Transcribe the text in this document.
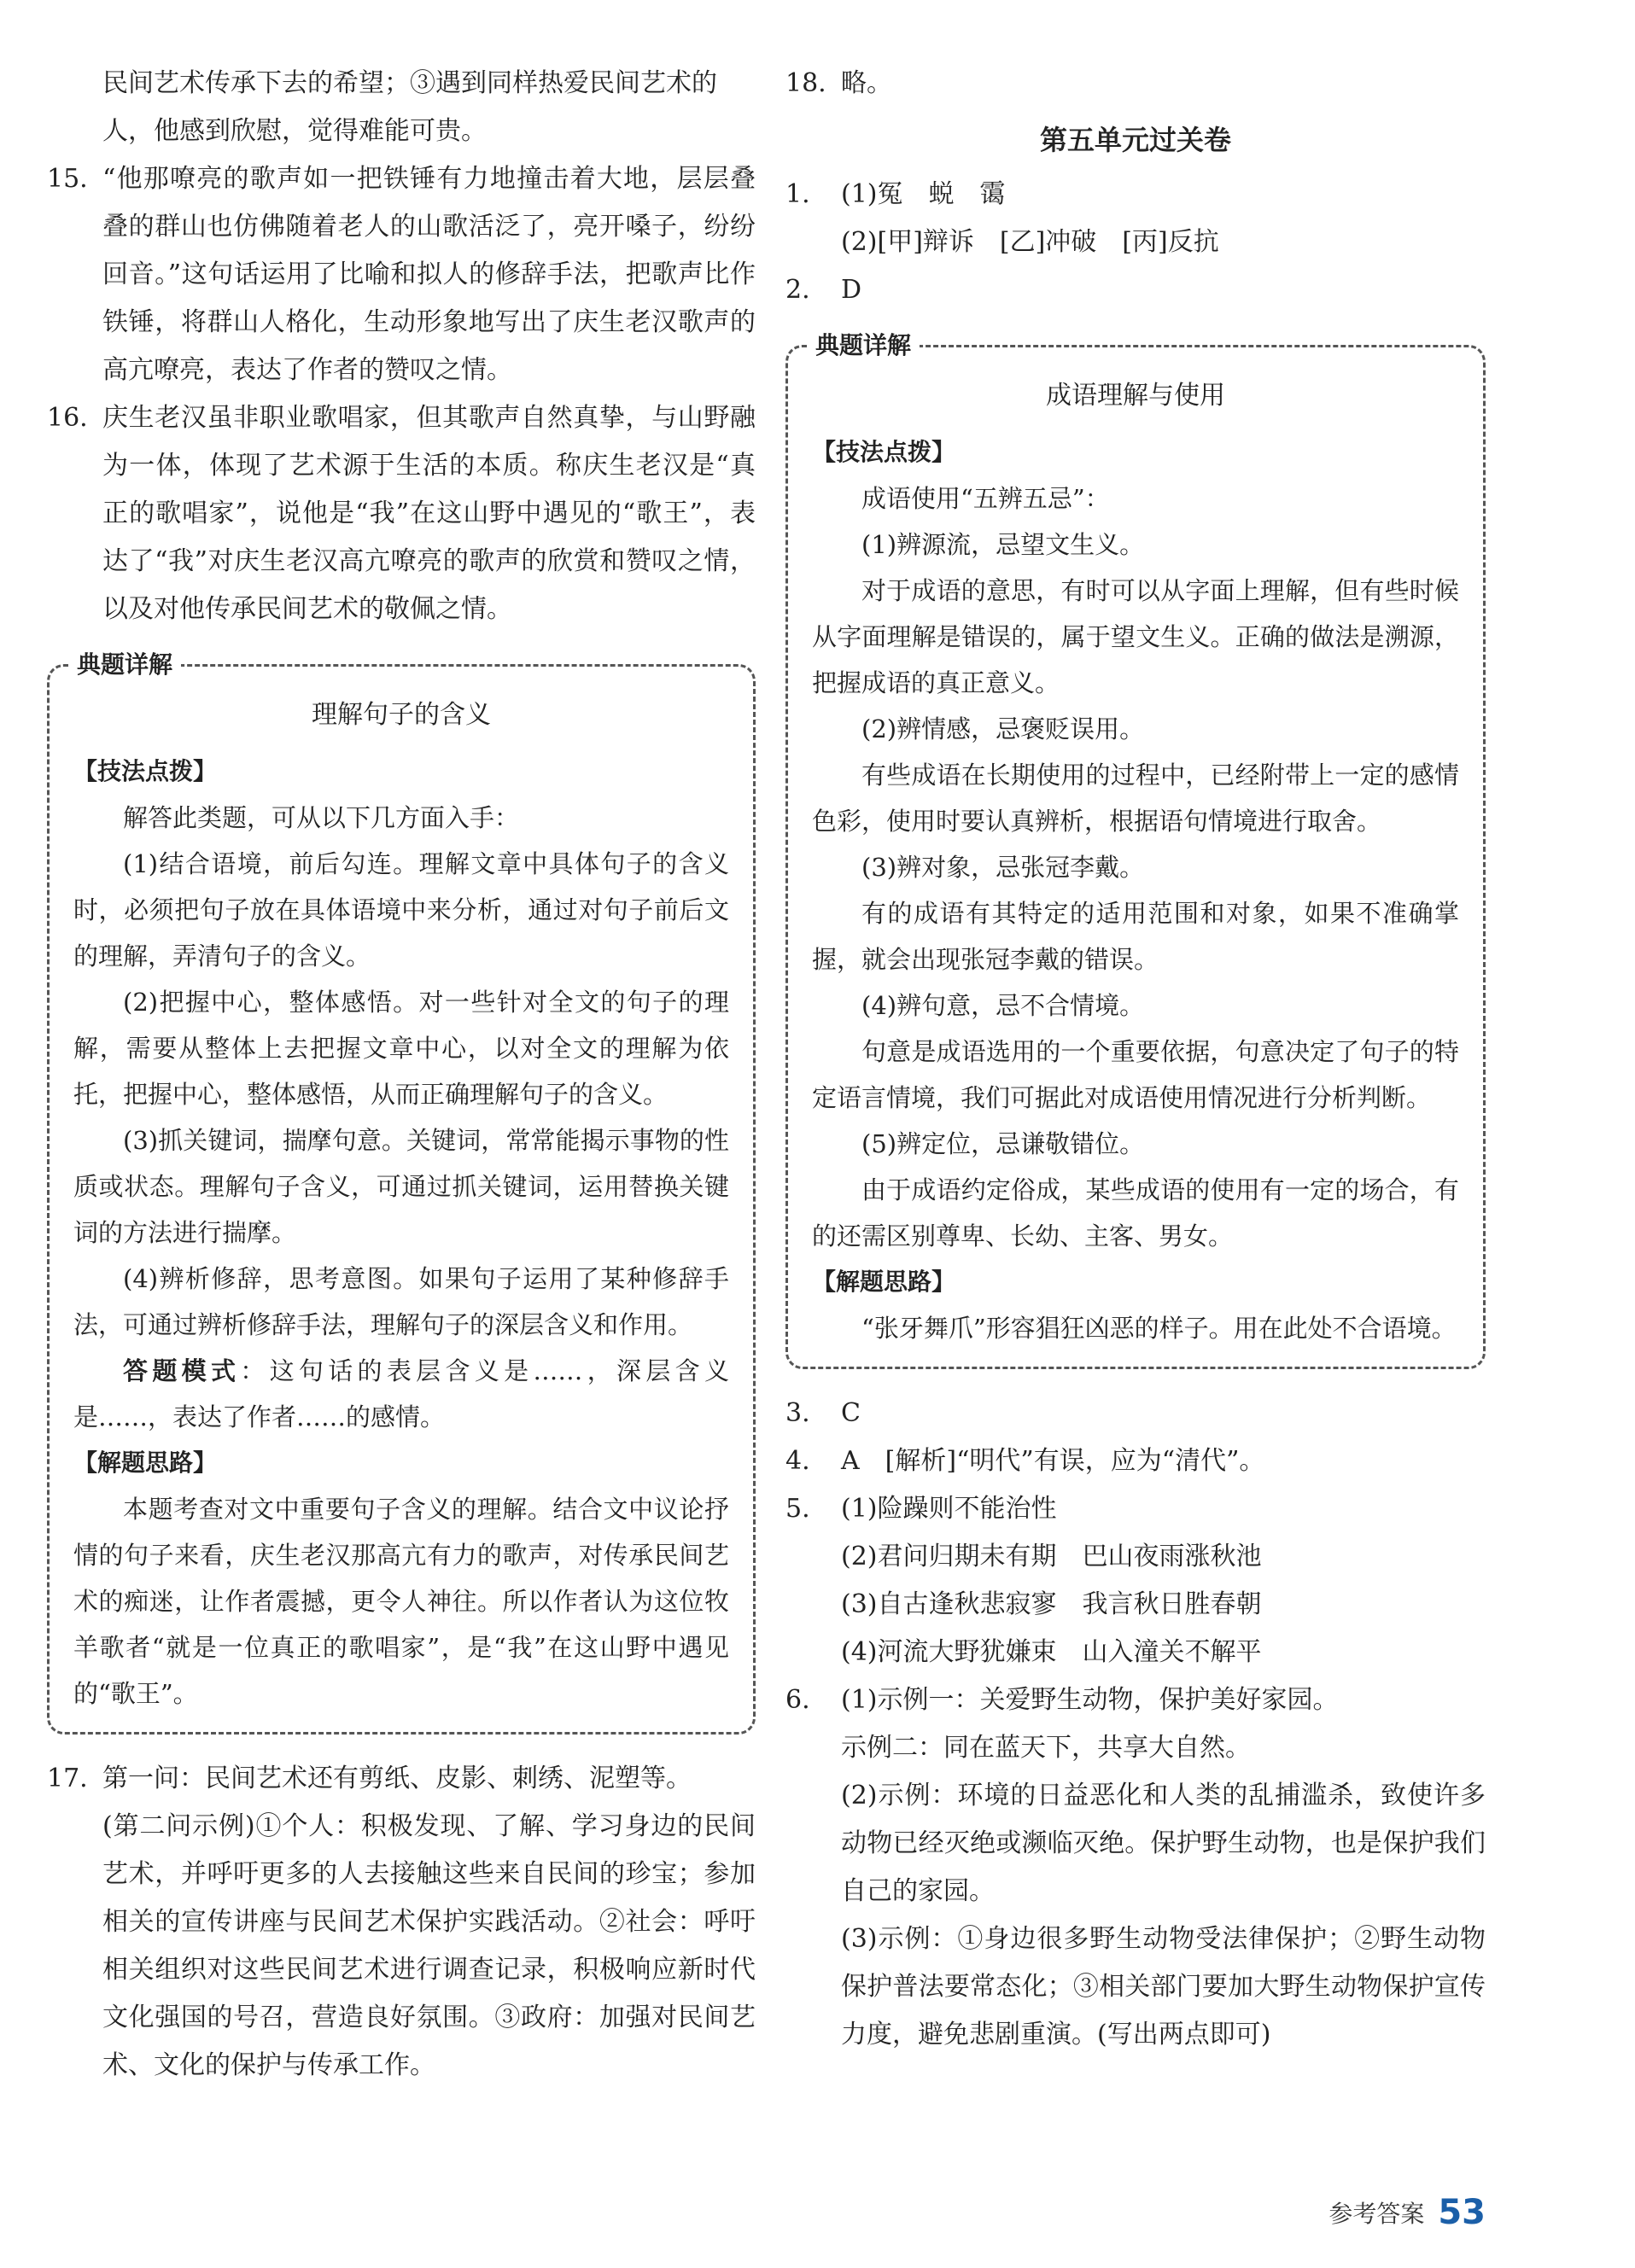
民间艺术传承下去的希望；③遇到同样热爱民间艺术的
人，他感到欣慰，觉得难能可贵。

15. “他那嘹亮的歌声如一把铁锤有力地撞击着大地，层层叠叠的群山也仿佛随着老人的山歌活泛了，亮开嗓子，纷纷回音。”这句话运用了比喻和拟人的修辞手法，把歌声比作铁锤，将群山人格化，生动形象地写出了庆生老汉歌声的高亢嘹亮，表达了作者的赞叹之情。

16. 庆生老汉虽非职业歌唱家，但其歌声自然真挚，与山野融为一体，体现了艺术源于生活的本质。称庆生老汉是“真正的歌唱家”，说他是“我”在这山野中遇见的“歌王”，表达了“我”对庆生老汉高亢嘹亮的歌声的欣赏和赞叹之情，以及对他传承民间艺术的敬佩之情。

典题详解
理解句子的含义
【技法点拨】

解答此类题，可从以下几方面入手：

(1)结合语境，前后勾连。理解文章中具体句子的含义时，必须把句子放在具体语境中来分析，通过对句子前后文的理解，弄清句子的含义。

(2)把握中心，整体感悟。对一些针对全文的句子的理解，需要从整体上去把握文章中心，以对全文的理解为依托，把握中心，整体感悟，从而正确理解句子的含义。

(3)抓关键词，揣摩句意。关键词，常常能揭示事物的性质或状态。理解句子含义，可通过抓关键词，运用替换关键词的方法进行揣摩。

(4)辨析修辞，思考意图。如果句子运用了某种修辞手法，可通过辨析修辞手法，理解句子的深层含义和作用。

答题模式：这句话的表层含义是……，深层含义是……，表达了作者……的感情。

【解题思路】

本题考查对文中重要句子含义的理解。结合文中议论抒情的句子来看，庆生老汉那高亢有力的歌声，对传承民间艺术的痴迷，让作者震撼，更令人神往。所以作者认为这位牧羊歌者“就是一位真正的歌唱家”，是“我”在这山野中遇见的“歌王”。

17. 第一问：民间艺术还有剪纸、皮影、刺绣、泥塑等。

(第二问示例)①个人：积极发现、了解、学习身边的民间艺术，并呼吁更多的人去接触这些来自民间的珍宝；参加相关的宣传讲座与民间艺术保护实践活动。②社会：呼吁相关组织对这些民间艺术进行调查记录，积极响应新时代文化强国的号召，营造良好氛围。③政府：加强对民间艺术、文化的保护与传承工作。

18. 略。

第五单元过关卷
1.	(1)冤　蜕　霭

(2)[甲]辩诉　[乙]冲破　[丙]反抗

2.	D

典题详解
成语理解与使用
【技法点拨】

成语使用“五辨五忌”：

(1)辨源流，忌望文生义。

对于成语的意思，有时可以从字面上理解，但有些时候从字面理解是错误的，属于望文生义。正确的做法是溯源，把握成语的真正意义。

(2)辨情感，忌褒贬误用。

有些成语在长期使用的过程中，已经附带上一定的感情色彩，使用时要认真辨析，根据语句情境进行取舍。

(3)辨对象，忌张冠李戴。

有的成语有其特定的适用范围和对象，如果不准确掌握，就会出现张冠李戴的错误。

(4)辨句意，忌不合情境。

句意是成语选用的一个重要依据，句意决定了句子的特定语言情境，我们可据此对成语使用情况进行分析判断。

(5)辨定位，忌谦敬错位。

由于成语约定俗成，某些成语的使用有一定的场合，有的还需区别尊卑、长幼、主客、男女。

【解题思路】

“张牙舞爪”形容猖狂凶恶的样子。用在此处不合语境。

3.	C

4.	A　[解析]“明代”有误，应为“清代”。

5.	(1)险躁则不能治性

(2)君问归期未有期　巴山夜雨涨秋池

(3)自古逢秋悲寂寥　我言秋日胜春朝

(4)河流大野犹嫌束　山入潼关不解平

6.	(1)示例一：关爱野生动物，保护美好家园。

示例二：同在蓝天下，共享大自然。

(2)示例：环境的日益恶化和人类的乱捕滥杀，致使许多动物已经灭绝或濒临灭绝。保护野生动物，也是保护我们自己的家园。

(3)示例：①身边很多野生动物受法律保护；②野生动物保护普法要常态化；③相关部门要加大野生动物保护宣传力度，避免悲剧重演。(写出两点即可)

参考答案 53
